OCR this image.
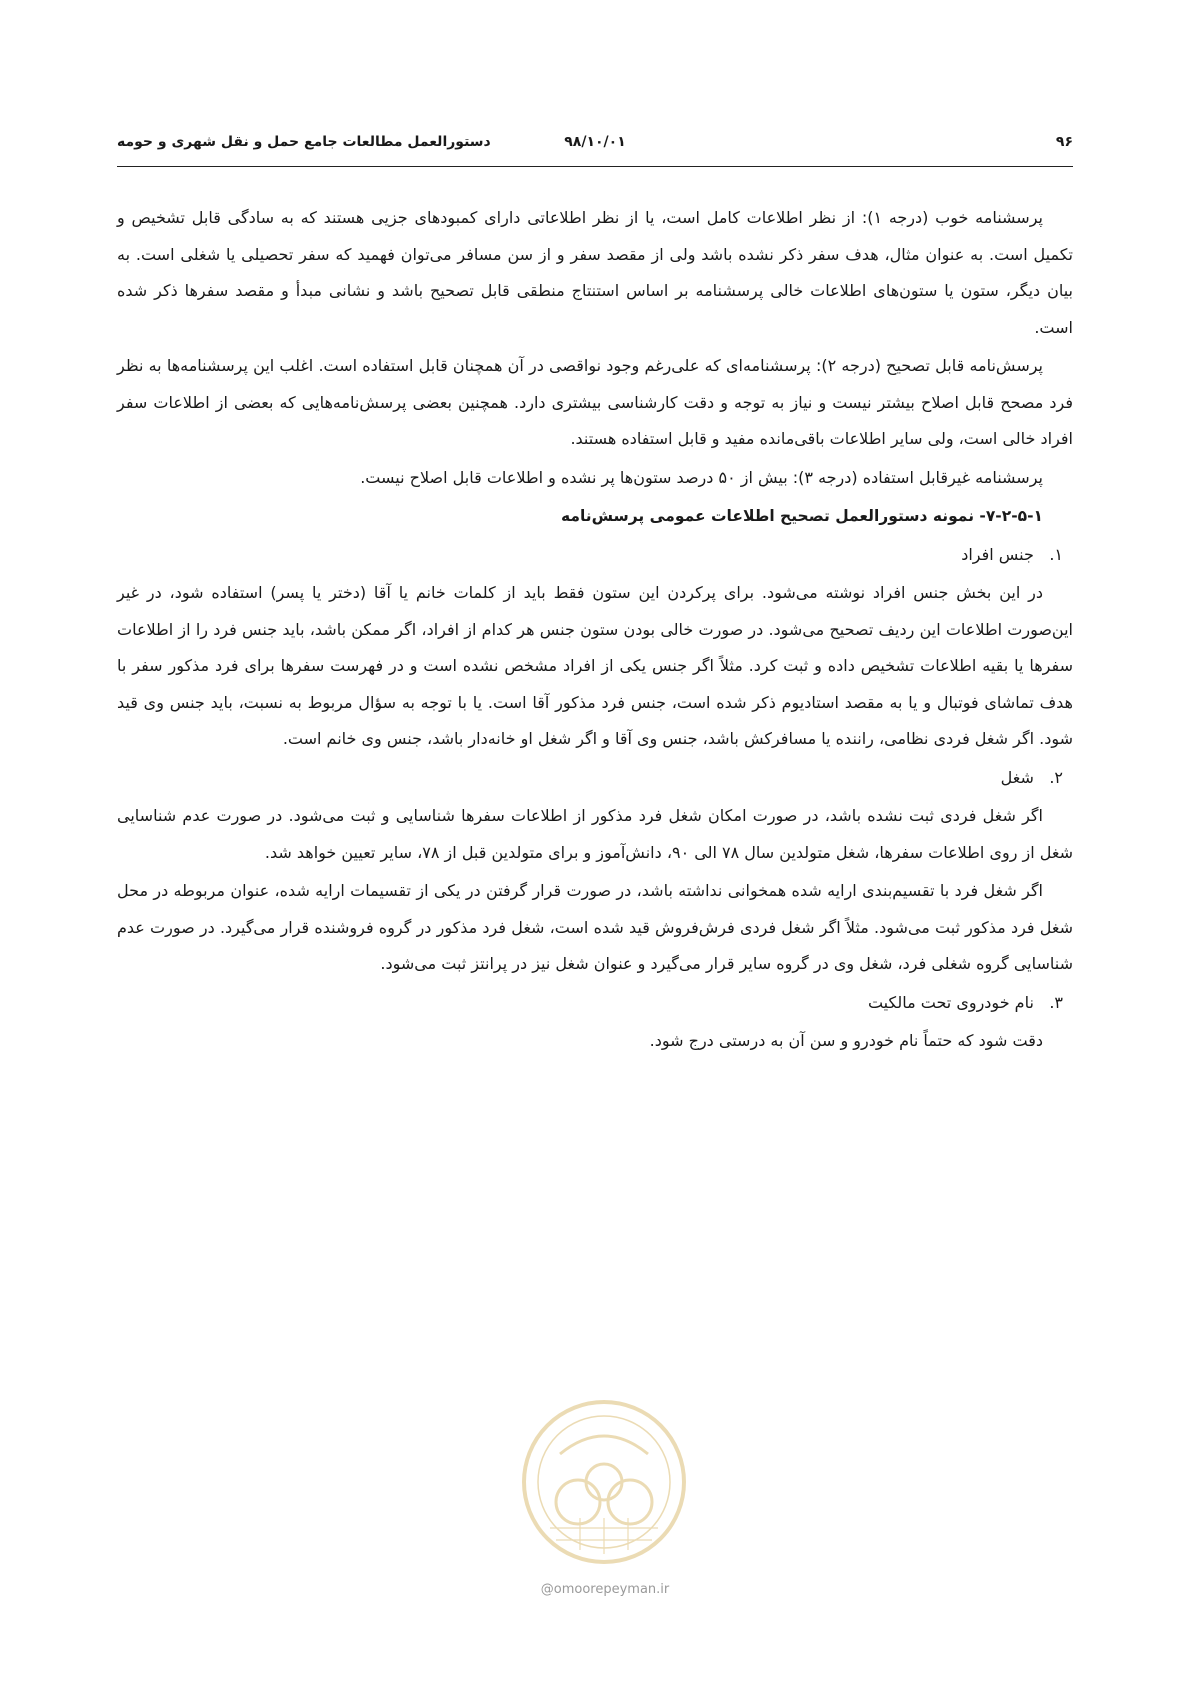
۹۶
۹۸/۱۰/۰۱
دستورالعمل مطالعات جامع حمل و نقل شهری و حومه

پرسشنامه خوب (درجه ۱): از نظر اطلاعات کامل است، یا از نظر اطلاعاتی دارای کمبودهای جزیی هستند که به سادگی قابل تشخیص و تکمیل است. به عنوان مثال، هدف سفر ذکر نشده باشد ولی از مقصد سفر و از سن مسافر می‌توان فهمید که سفر تحصیلی یا شغلی است. به بیان دیگر، ستون یا ستون‌های اطلاعات خالی پرسشنامه بر اساس استنتاج منطقی قابل تصحیح باشد و نشانی مبدأ و مقصد سفرها ذکر شده است.

پرسش‌نامه قابل تصحیح (درجه ۲): پرسشنامه‌ای که علی‌رغم وجود نواقصی در آن همچنان قابل استفاده است. اغلب این پرسشنامه‌ها به نظر فرد مصحح قابل اصلاح بیشتر نیست و نیاز به توجه و دقت کارشناسی بیشتری دارد. همچنین بعضی پرسش‌نامه‌هایی که بعضی از اطلاعات سفر افراد خالی است، ولی سایر اطلاعات باقی‌مانده مفید و قابل استفاده هستند.

پرسشنامه غیرقابل استفاده (درجه ۳): بیش از ۵۰ درصد ستون‌ها پر نشده و اطلاعات قابل اصلاح نیست.

۷-۲-۵-۱- نمونه دستورالعمل تصحیح اطلاعات عمومی پرسش‌نامه

۱. جنس افراد

در این بخش جنس افراد نوشته می‌شود. برای پرکردن این ستون فقط باید از کلمات خانم یا آقا (دختر یا پسر) استفاده شود، در غیر این‌صورت اطلاعات این ردیف تصحیح می‌شود. در صورت خالی بودن ستون جنس هر کدام از افراد، اگر ممکن باشد، باید جنس فرد را از اطلاعات سفرها یا بقیه اطلاعات تشخیص داده و ثبت کرد. مثلاً اگر جنس یکی از افراد مشخص نشده است و در فهرست سفرها برای فرد مذکور سفر با هدف تماشای فوتبال و یا به مقصد استادیوم ذکر شده است، جنس فرد مذکور آقا است. یا با توجه به سؤال مربوط به نسبت، باید جنس وی قید شود. اگر شغل فردی نظامی، راننده یا مسافرکش باشد، جنس وی آقا و اگر شغل او خانه‌دار باشد، جنس وی خانم است.

۲. شغل

اگر شغل فردی ثبت نشده باشد، در صورت امکان شغل فرد مذکور از اطلاعات سفرها شناسایی و ثبت می‌شود. در صورت عدم شناسایی شغل از روی اطلاعات سفرها، شغل متولدین سال ۷۸ الی ۹۰، دانش‌آموز و برای متولدین قبل از ۷۸، سایر تعیین خواهد شد.

اگر شغل فرد با تقسیم‌بندی ارایه شده همخوانی نداشته باشد، در صورت قرار گرفتن در یکی از تقسیمات ارایه شده، عنوان مربوطه در محل شغل فرد مذکور ثبت می‌شود. مثلاً اگر شغل فردی فرش‌فروش قید شده است، شغل فرد مذکور در گروه فروشنده قرار می‌گیرد. در صورت عدم شناسایی گروه شغلی فرد، شغل وی در گروه سایر قرار می‌گیرد و عنوان شغل نیز در پرانتز ثبت می‌شود.

۳. نام خودروی تحت مالکیت

دقت شود که حتماً نام خودرو و سن آن به درستی درج شود.

@omoorepeyman.ir
